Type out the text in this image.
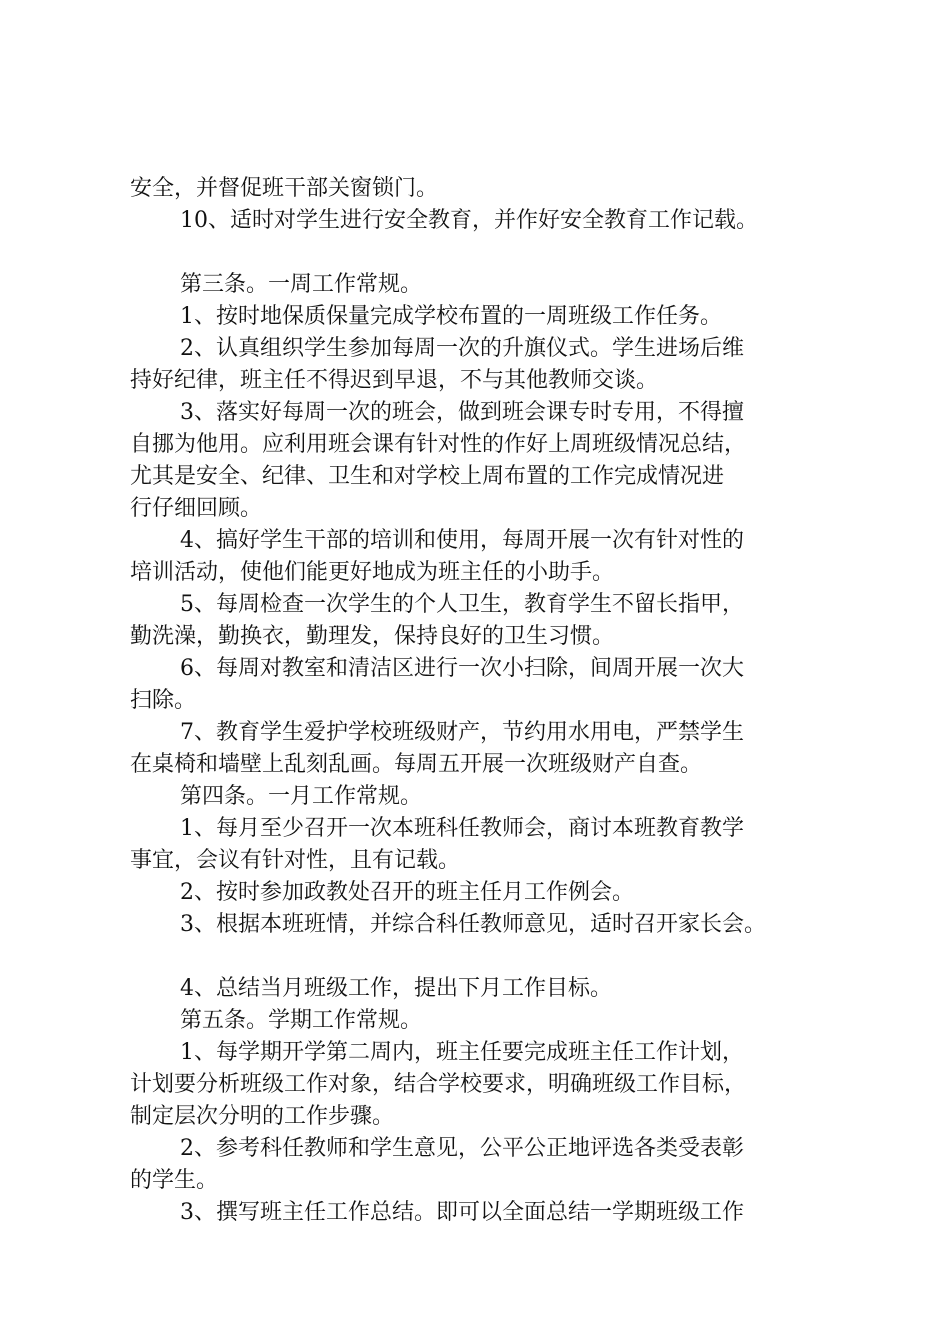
安全，并督促班干部关窗锁门。
10、适时对学生进行安全教育，并作好安全教育工作记载。
第三条。一周工作常规。
1、按时地保质保量完成学校布置的一周班级工作任务。
2、认真组织学生参加每周一次的升旗仪式。学生进场后维
持好纪律，班主任不得迟到早退，不与其他教师交谈。
3、落实好每周一次的班会，做到班会课专时专用，不得擅
自挪为他用。应利用班会课有针对性的作好上周班级情况总结，
尤其是安全、纪律、卫生和对学校上周布置的工作完成情况进
行仔细回顾。
4、搞好学生干部的培训和使用，每周开展一次有针对性的
培训活动，使他们能更好地成为班主任的小助手。
5、每周检查一次学生的个人卫生，教育学生不留长指甲，
勤洗澡，勤换衣，勤理发，保持良好的卫生习惯。
6、每周对教室和清洁区进行一次小扫除，间周开展一次大
扫除。
7、教育学生爱护学校班级财产，节约用水用电，严禁学生
在桌椅和墙壁上乱刻乱画。每周五开展一次班级财产自查。
第四条。一月工作常规。
1、每月至少召开一次本班科任教师会，商讨本班教育教学
事宜，会议有针对性，且有记载。
2、按时参加政教处召开的班主任月工作例会。
3、根据本班班情，并综合科任教师意见，适时召开家长会。
4、总结当月班级工作，提出下月工作目标。
第五条。学期工作常规。
1、每学期开学第二周内，班主任要完成班主任工作计划，
计划要分析班级工作对象，结合学校要求，明确班级工作目标，
制定层次分明的工作步骤。
2、参考科任教师和学生意见，公平公正地评选各类受表彰
的学生。
3、撰写班主任工作总结。即可以全面总结一学期班级工作
